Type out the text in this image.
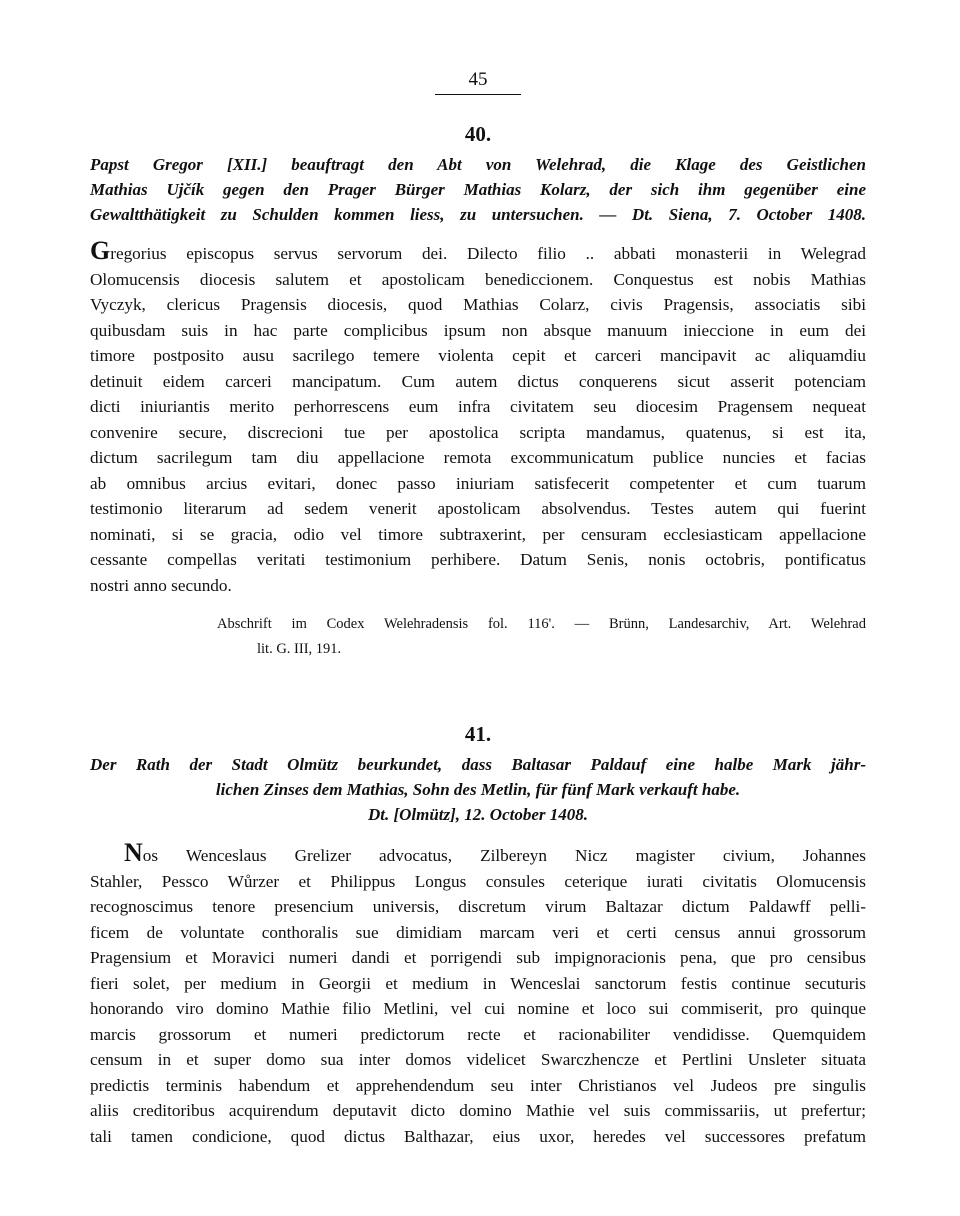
45
40.
Papst Gregor [XII.] beauftragt den Abt von Welehrad, die Klage des Geistlichen
Mathias Ujčík gegen den Prager Bürger Mathias Kolarz, der sich ihm gegenüber eine
Gewaltthätigkeit zu Schulden kommen liess, zu untersuchen. — Dt. Siena, 7. October 1408.
Gregorius episcopus servus servorum dei. Dilecto filio .. abbati monasterii in Welegrad
Olomucensis diocesis salutem et apostolicam benediccionem. Conquestus est nobis Mathias
Vyczyk, clericus Pragensis diocesis, quod Mathias Colarz, civis Pragensis, associatis sibi
quibusdam suis in hac parte complicibus ipsum non absque manuum inieccione in eum dei
timore postposito ausu sacrilego temere violenta cepit et carceri mancipavit ac aliquamdiu
detinuit eidem carceri mancipatum. Cum autem dictus conquerens sicut asserit potenciam
dicti iniuriantis merito perhorrescens eum infra civitatem seu diocesim Pragensem nequeat
convenire secure, discrecioni tue per apostolica scripta mandamus, quatenus, si est ita,
dictum sacrilegum tam diu appellacione remota excommunicatum publice nuncies et facias
ab omnibus arcius evitari, donec passo iniuriam satisfecerit competenter et cum tuarum
testimonio literarum ad sedem venerit apostolicam absolvendus. Testes autem qui fuerint
nominati, si se gracia, odio vel timore subtraxerint, per censuram ecclesiasticam appellacione
cessante compellas veritati testimonium perhibere. Datum Senis, nonis octobris, pontificatus
nostri anno secundo.
Abschrift im Codex Welehradensis fol. 116'. — Brünn, Landesarchiv, Art. Welehrad
lit. G. III, 191.
41.
Der Rath der Stadt Olmütz beurkundet, dass Baltasar Paldauf eine halbe Mark jähr-
lichen Zinses dem Mathias, Sohn des Metlin, für fünf Mark verkauft habe.
Dt. [Olmütz], 12. October 1408.
Nos Wenceslaus Grelizer advocatus, Zilbereyn Nicz magister civium, Johannes
Stahler, Pessco Wůrzer et Philippus Longus consules ceterique iurati civitatis Olomucensis
recognoscimus tenore presencium universis, discretum virum Baltazar dictum Paldawff pelli-
ficem de voluntate conthoralis sue dimidiam marcam veri et certi census annui grossorum
Pragensium et Moravici numeri dandi et porrigendi sub impignoracionis pena, que pro censibus
fieri solet, per medium in Georgii et medium in Wenceslai sanctorum festis continue secuturis
honorando viro domino Mathie filio Metlini, vel cui nomine et loco sui commiserit, pro quinque
marcis grossorum et numeri predictorum recte et racionabiliter vendidisse. Quemquidem
censum in et super domo sua inter domos videlicet Swarczhencze et Pertlini Unsleter situata
predictis terminis habendum et apprehendendum seu inter Christianos vel Judeos pre singulis
aliis creditoribus acquirendum deputavit dicto domino Mathie vel suis commissariis, ut prefertur;
tali tamen condicione, quod dictus Balthazar, eius uxor, heredes vel successores prefatum
